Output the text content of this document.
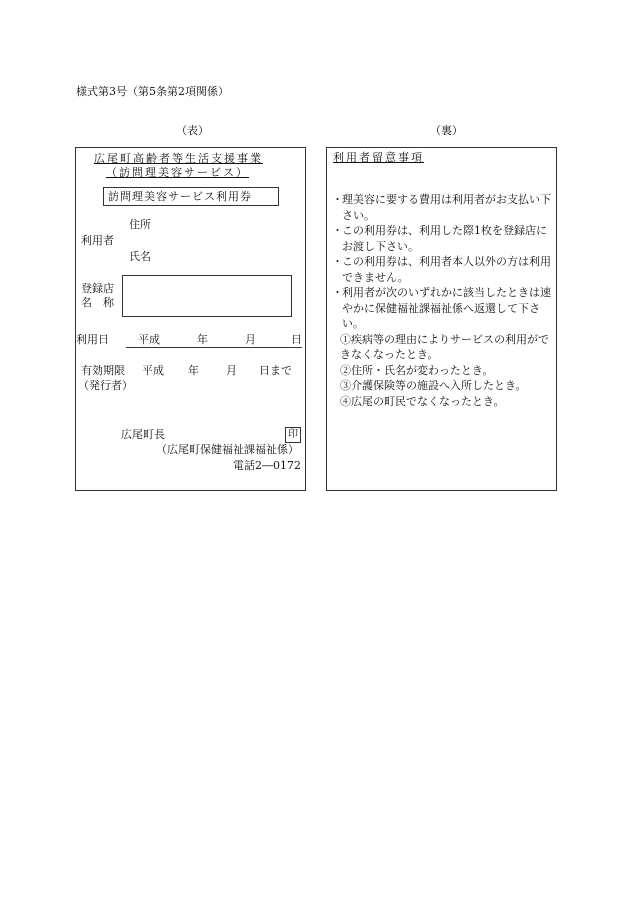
様式第3号（第5条第2項関係）
（表）	（裏）
広尾町高齢者等生活支援事業
（訪問理美容サービス）
訪問理美容サービス利用券
住所
利用者
氏名
登録店
名　称
利用日	平成	年	月	日
有効期限 平成 年 月 日まで
（発行者）
広尾町長	印
（広尾町保健福祉課福祉係）
電話2―0172
利用者留意事項
・ 理美容に要する費用は利用者がお支払い下さい。
・ この利用券は、利用した際1枚を登録店にお渡し下さい。
・ この利用券は、利用者本人以外の方は利用できません。
・ 利用者が次のいずれかに該当したときは速やかに保健福祉課福祉係へ返還して下さい。
①疾病等の理由によりサービスの利用ができなくなったとき。
②住所・氏名が変わったとき。
③介護保険等の施設へ入所したとき。
④広尾の町民でなくなったとき。
